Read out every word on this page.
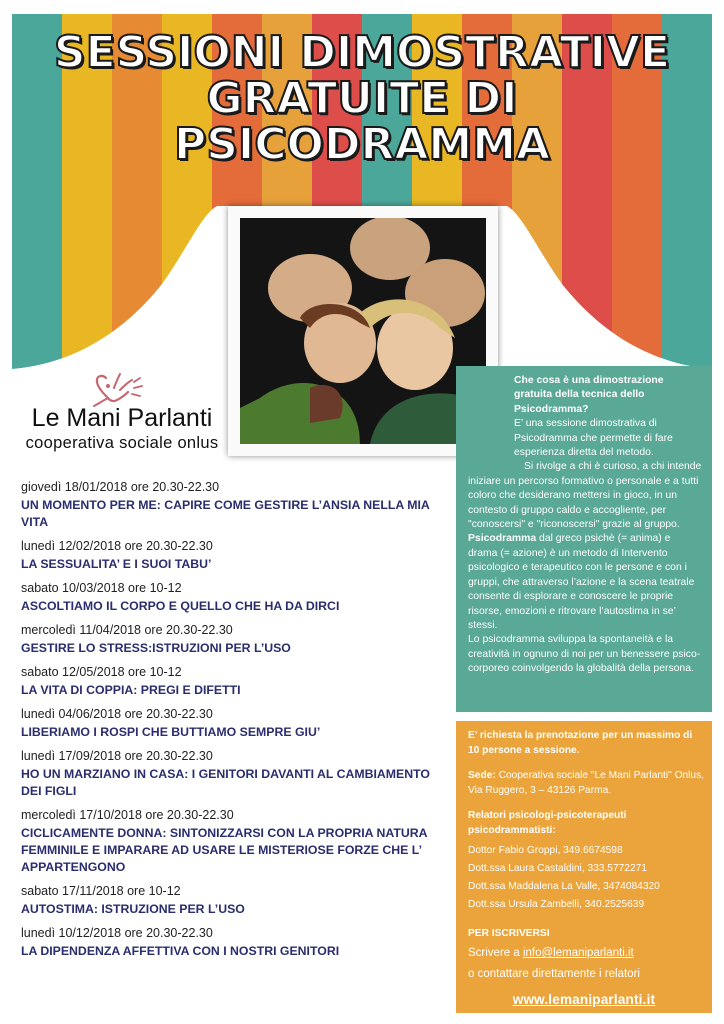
SESSIONI DIMOSTRATIVE
GRATUITE DI
PSICODRAMMA
Le Mani Parlanti
cooperativa sociale onlus
giovedì 18/01/2018 ore 20.30-22.30
UN MOMENTO PER ME: CAPIRE COME GESTIRE L’ANSIA NELLA MIA VITA
lunedì 12/02/2018 ore 20.30-22.30
LA SESSUALITA’ E I SUOI TABU’
sabato 10/03/2018 ore 10-12
ASCOLTIAMO IL CORPO E QUELLO CHE HA DA DIRCI
mercoledì 11/04/2018 ore 20.30-22.30
GESTIRE LO STRESS:ISTRUZIONI PER L’USO
sabato 12/05/2018 ore 10-12
LA VITA DI COPPIA: PREGI E DIFETTI
lunedì 04/06/2018 ore 20.30-22.30
LIBERIAMO I ROSPI CHE BUTTIAMO SEMPRE GIU’
lunedì 17/09/2018 ore 20.30-22.30
HO UN MARZIANO IN CASA: I GENITORI DAVANTI AL CAMBIAMENTO DEI FIGLI
mercoledì 17/10/2018 ore 20.30-22.30
CICLICAMENTE DONNA: SINTONIZZARSI CON LA PROPRIA NATURA FEMMINILE E IMPARARE AD USARE LE MISTERIOSE FORZE CHE L’ APPARTENGONO
sabato 17/11/2018 ore 10-12
AUTOSTIMA: ISTRUZIONE PER L’USO
lunedì 10/12/2018 ore 20.30-22.30
LA DIPENDENZA AFFETTIVA CON I NOSTRI GENITORI
Che cosa è una dimostrazione
gratuita della tecnica dello
Psicodramma?
E’ una sessione dimostrativa di
Psicodramma che permette di fare
esperienza diretta del metodo.
Si rivolge a chi è curioso, a chi intende iniziare un percorso formativo o personale e a tutti coloro che desiderano mettersi in gioco, in un contesto di gruppo caldo e accogliente, per "conoscersi" e "riconoscersi" grazie al gruppo.
Psicodramma dal greco psichè (= anima) e drama (= azione) è un metodo di Intervento psicologico e terapeutico con le persone e con i gruppi, che attraverso l’azione e la scena teatrale consente di esplorare e conoscere le proprie risorse, emozioni e ritrovare l’autostima in se’ stessi.
Lo psicodramma sviluppa la spontaneità e la creatività in ognuno di noi per un benessere psico- corporeo coinvolgendo la globalità della persona.
E’ richiesta la prenotazione per un massimo di 10 persone a sessione.
Sede: Cooperativa sociale "Le Mani Parlanti" Onlus, Via Ruggero, 3 – 43126 Parma.
Relatori psicologi-psicoterapeuti psicodrammatisti:
Dottor Fabio Groppi, 349.6674598
Dott.ssa Laura Castaldini, 333.5772271
Dott.ssa Maddalena La Valle, 3474084320
Dott.ssa Ursula Zambelli, 340.2525639
PER ISCRIVERSI
Scrivere a info@lemaniparlanti.it
o contattare direttamente i relatori
www.lemaniparlanti.it
